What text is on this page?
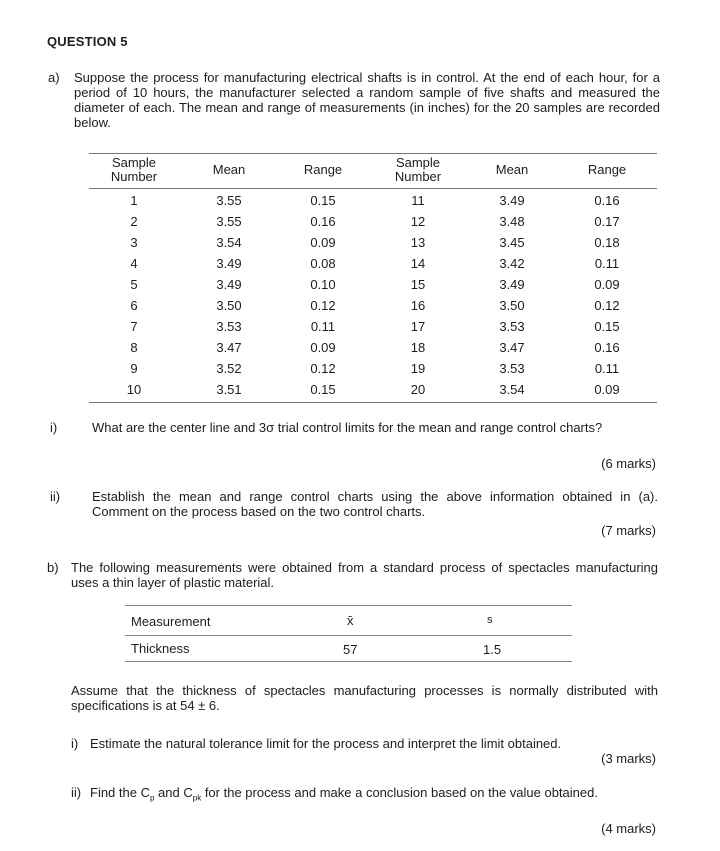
QUESTION 5
a) Suppose the process for manufacturing electrical shafts is in control. At the end of each hour, for a period of 10 hours, the manufacturer selected a random sample of five shafts and measured the diameter of each. The mean and range of measurements (in inches) for the 20 samples are recorded below.
Sample Number	Mean	Range	Sample Number	Mean	Range
1	3.55	0.15	11	3.49	0.16
2	3.55	0.16	12	3.48	0.17
3	3.54	0.09	13	3.45	0.18
4	3.49	0.08	14	3.42	0.11
5	3.49	0.10	15	3.49	0.09
6	3.50	0.12	16	3.50	0.12
7	3.53	0.11	17	3.53	0.15
8	3.47	0.09	18	3.47	0.16
9	3.52	0.12	19	3.53	0.11
10	3.51	0.15	20	3.54	0.09
i)	What are the center line and 3σ trial control limits for the mean and range control charts?
(6 marks)
ii) Establish the mean and range control charts using the above information obtained in (a). Comment on the process based on the two control charts.
(7 marks)
b) The following measurements were obtained from a standard process of spectacles manufacturing uses a thin layer of plastic material.
Measurement	x̄	s
Thickness	57	1.5
Assume that the thickness of spectacles manufacturing processes is normally distributed with specifications is at 54 ± 6.
i) Estimate the natural tolerance limit for the process and interpret the limit obtained.
(3 marks)
ii) Find the $C_p$ and $C_{pk}$ for the process and make a conclusion based on the value obtained.
(4 marks)
